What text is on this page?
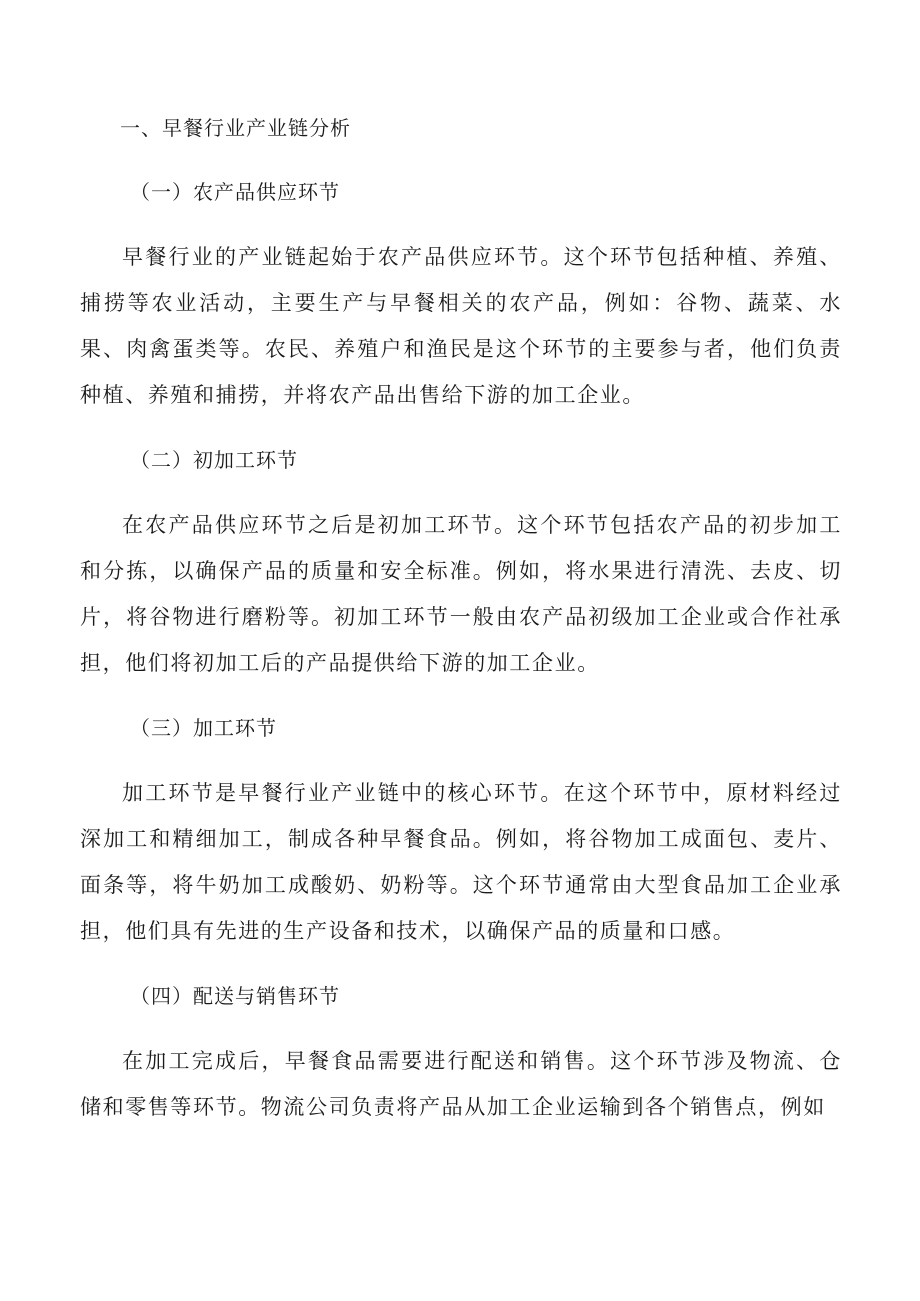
一、早餐行业产业链分析
（一）农产品供应环节

早餐行业的产业链起始于农产品供应环节。这个环节包括种植、养殖、捕捞等农业活动，主要生产与早餐相关的农产品，例如：谷物、蔬菜、水果、肉禽蛋类等。农民、养殖户和渔民是这个环节的主要参与者，他们负责种植、养殖和捕捞，并将农产品出售给下游的加工企业。

（二）初加工环节

在农产品供应环节之后是初加工环节。这个环节包括农产品的初步加工和分拣，以确保产品的质量和安全标准。例如，将水果进行清洗、去皮、切片，将谷物进行磨粉等。初加工环节一般由农产品初级加工企业或合作社承担，他们将初加工后的产品提供给下游的加工企业。

（三）加工环节

加工环节是早餐行业产业链中的核心环节。在这个环节中，原材料经过深加工和精细加工，制成各种早餐食品。例如，将谷物加工成面包、麦片、面条等，将牛奶加工成酸奶、奶粉等。这个环节通常由大型食品加工企业承担，他们具有先进的生产设备和技术，以确保产品的质量和口感。

（四）配送与销售环节

在加工完成后，早餐食品需要进行配送和销售。这个环节涉及物流、仓储和零售等环节。物流公司负责将产品从加工企业运输到各个销售点，例如
